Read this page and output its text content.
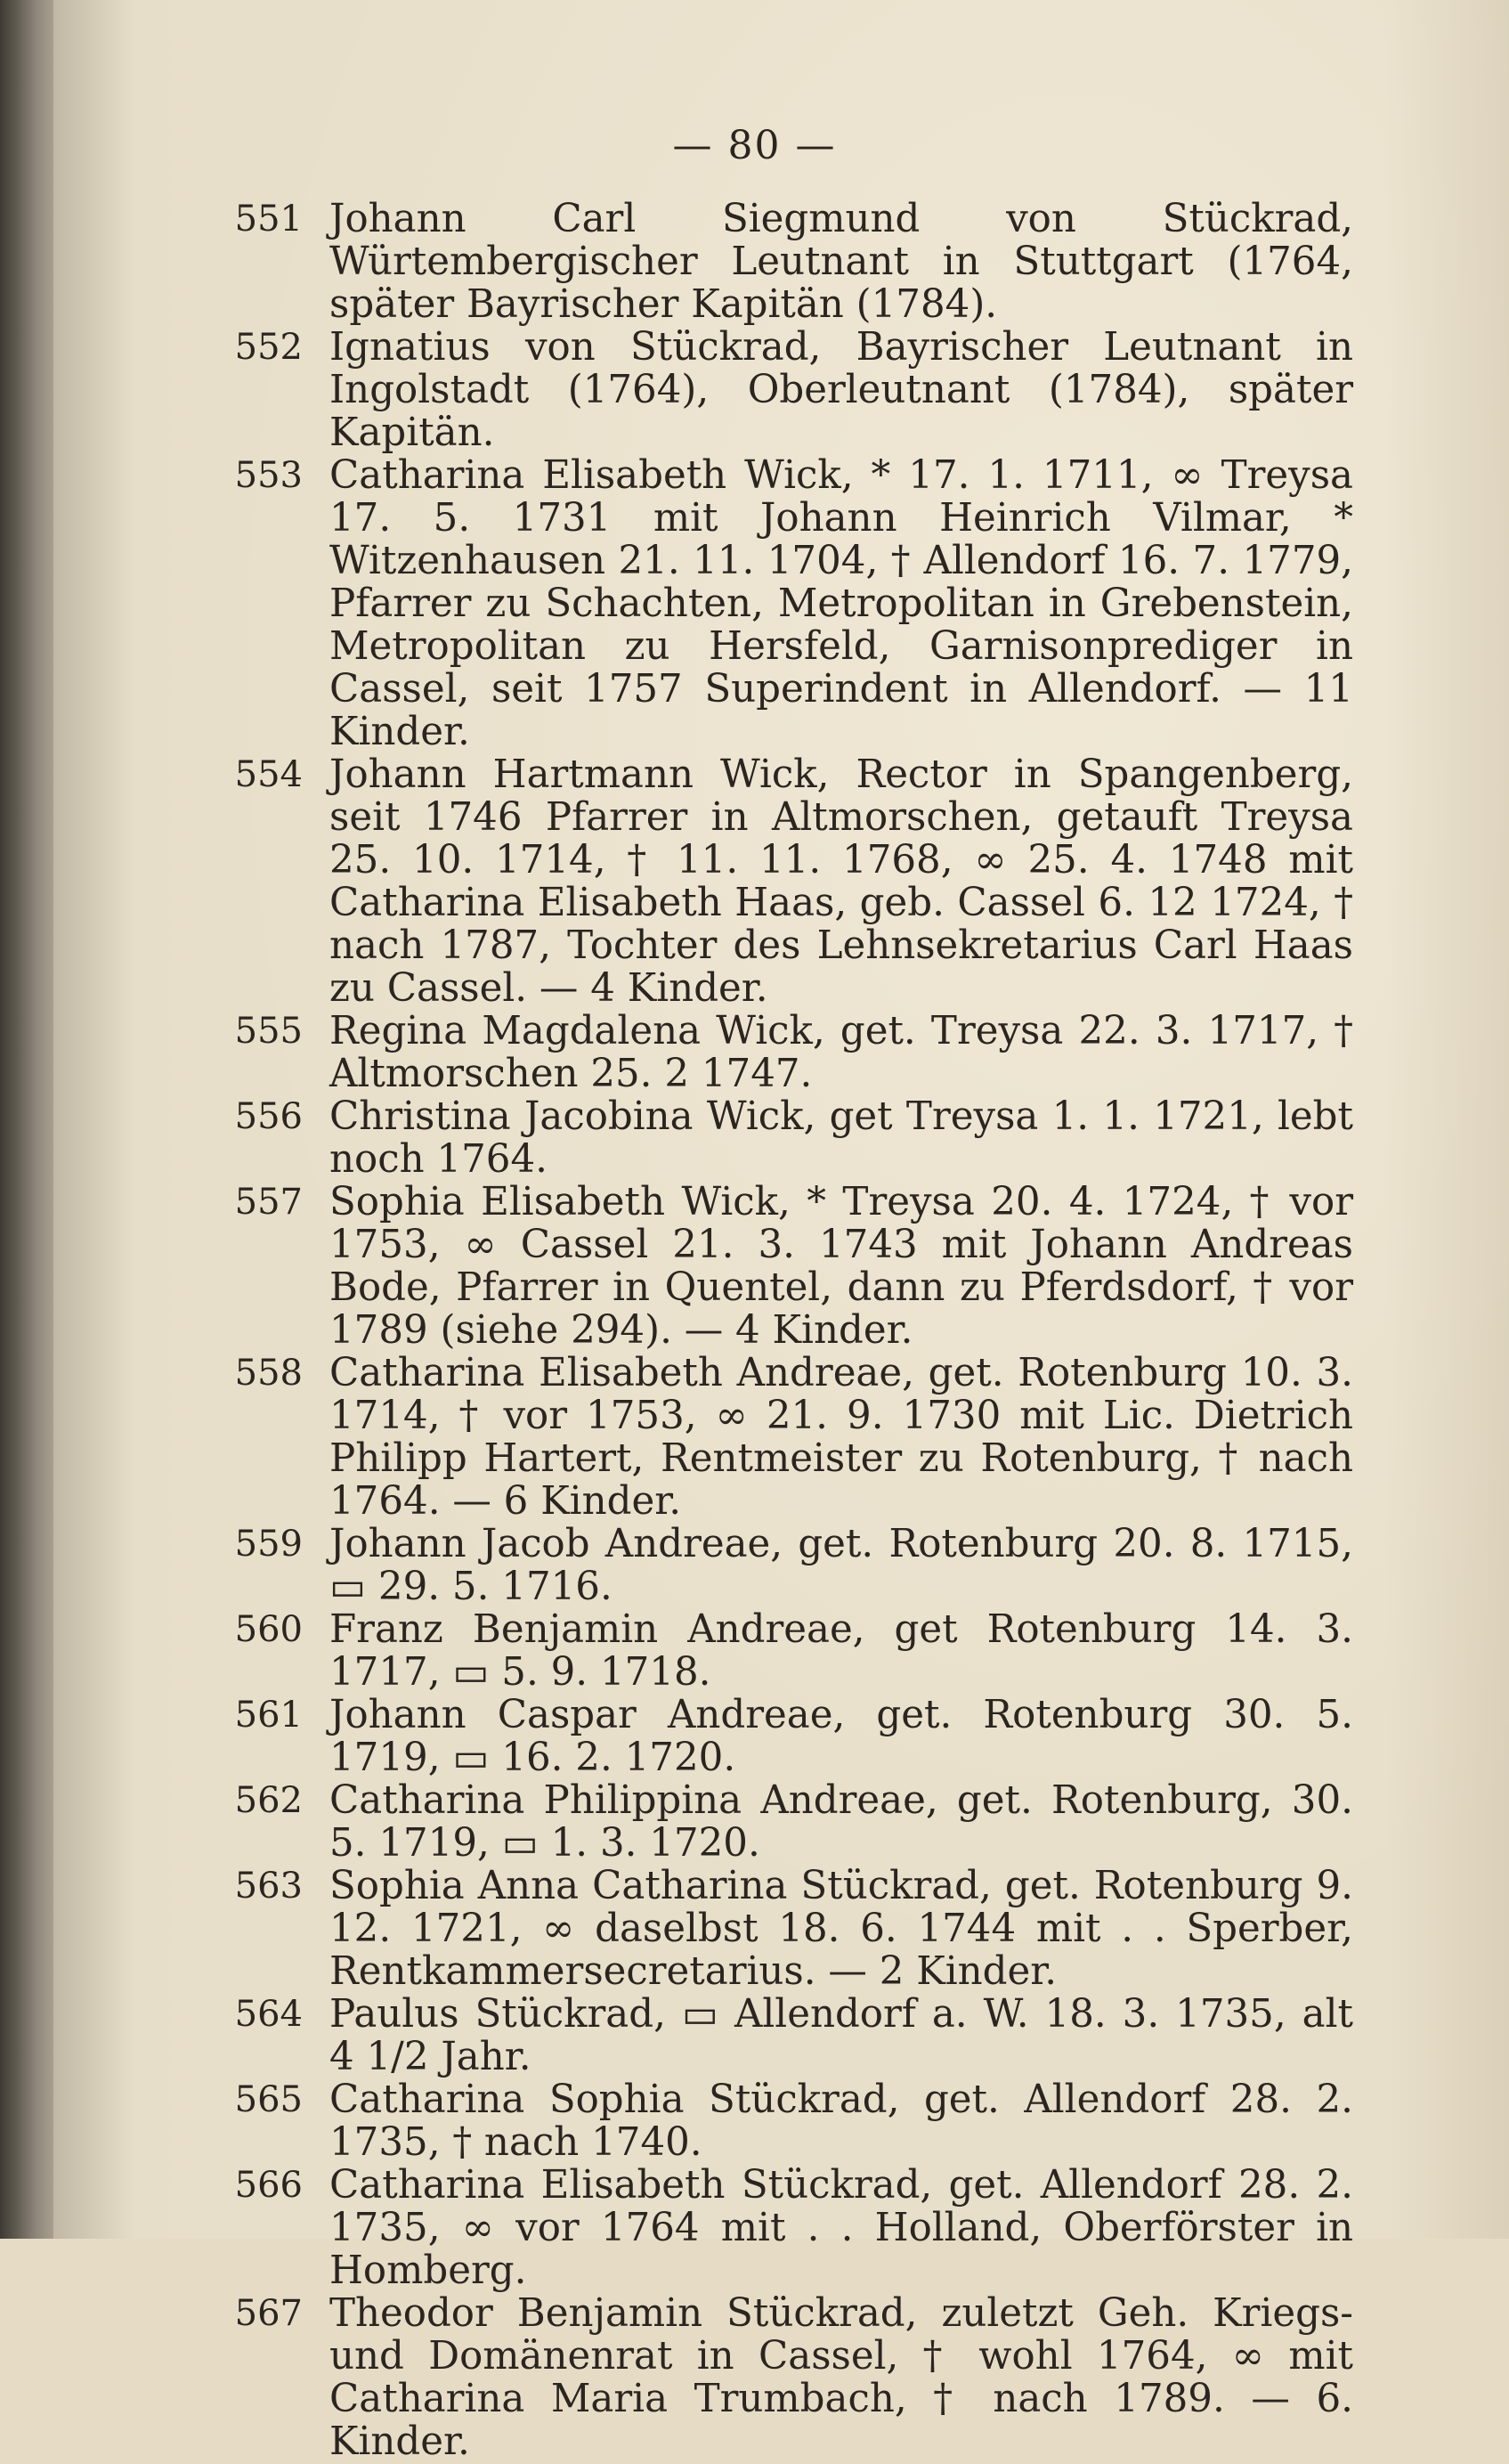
— 80 —
551 Johann Carl Siegmund von Stückrad, Würtembergischer Leutnant in Stuttgart (1764, später Bayrischer Kapitän (1784).
552 Ignatius von Stückrad, Bayrischer Leutnant in Ingolstadt (1764), Oberleutnant (1784), später Kapitän.
553 Catharina Elisabeth Wick, * 17. 1. 1711, ∞ Treysa 17. 5. 1731 mit Johann Heinrich Vilmar, * Witzenhausen 21. 11. 1704, † Allendorf 16. 7. 1779, Pfarrer zu Schachten, Metropolitan in Grebenstein, Metropolitan zu Hersfeld, Garnisonprediger in Cassel, seit 1757 Superindent in Allendorf. — 11 Kinder.
554 Johann Hartmann Wick, Rector in Spangenberg, seit 1746 Pfarrer in Altmorschen, getauft Treysa 25. 10. 1714, † 11. 11. 1768, ∞ 25. 4. 1748 mit Catharina Elisabeth Haas, geb. Cassel 6. 12 1724, † nach 1787, Tochter des Lehnsekretarius Carl Haas zu Cassel. — 4 Kinder.
555 Regina Magdalena Wick, get. Treysa 22. 3. 1717, † Altmorschen 25. 2 1747.
556 Christina Jacobina Wick, get Treysa 1. 1. 1721, lebt noch 1764.
557 Sophia Elisabeth Wick, * Treysa 20. 4. 1724, † vor 1753, ∞ Cassel 21. 3. 1743 mit Johann Andreas Bode, Pfarrer in Quentel, dann zu Pferdsdorf, † vor 1789 (siehe 294). — 4 Kinder.
558 Catharina Elisabeth Andreae, get. Rotenburg 10. 3. 1714, † vor 1753, ∞ 21. 9. 1730 mit Lic. Dietrich Philipp Hartert, Rentmeister zu Rotenburg, † nach 1764. — 6 Kinder.
559 Johann Jacob Andreae, get. Rotenburg 20. 8. 1715, ▭ 29. 5. 1716.
560 Franz Benjamin Andreae, get Rotenburg 14. 3. 1717, ▭ 5. 9. 1718.
561 Johann Caspar Andreae, get. Rotenburg 30. 5. 1719, ▭ 16. 2. 1720.
562 Catharina Philippina Andreae, get. Rotenburg, 30. 5. 1719, ▭ 1. 3. 1720.
563 Sophia Anna Catharina Stückrad, get. Rotenburg 9. 12. 1721, ∞ daselbst 18. 6. 1744 mit . . Sperber, Rentkammersecretarius. — 2 Kinder.
564 Paulus Stückrad, ▭ Allendorf a. W. 18. 3. 1735, alt 4 1/2 Jahr.
565 Catharina Sophia Stückrad, get. Allendorf 28. 2. 1735, † nach 1740.
566 Catharina Elisabeth Stückrad, get. Allendorf 28. 2. 1735, ∞ vor 1764 mit . . Holland, Oberförster in Homberg.
567 Theodor Benjamin Stückrad, zuletzt Geh. Kriegs- und Domänenrat in Cassel, † wohl 1764, ∞ mit Catharina Maria Trumbach, † nach 1789. — 6. Kinder.
